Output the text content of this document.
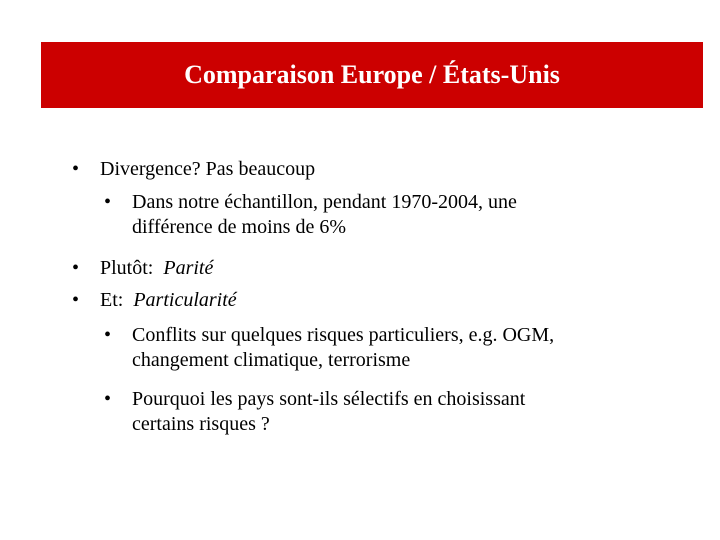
Comparaison Europe / États-Unis
• Divergence? Pas beaucoup
• Dans notre échantillon, pendant 1970-2004, une
différence de moins de 6%
• Plutôt:  Parité
• Et:  Particularité
• Conflits sur quelques risques particuliers, e.g. OGM,
changement climatique, terrorisme
• Pourquoi les pays sont-ils sélectifs en choisissant
certains risques ?
